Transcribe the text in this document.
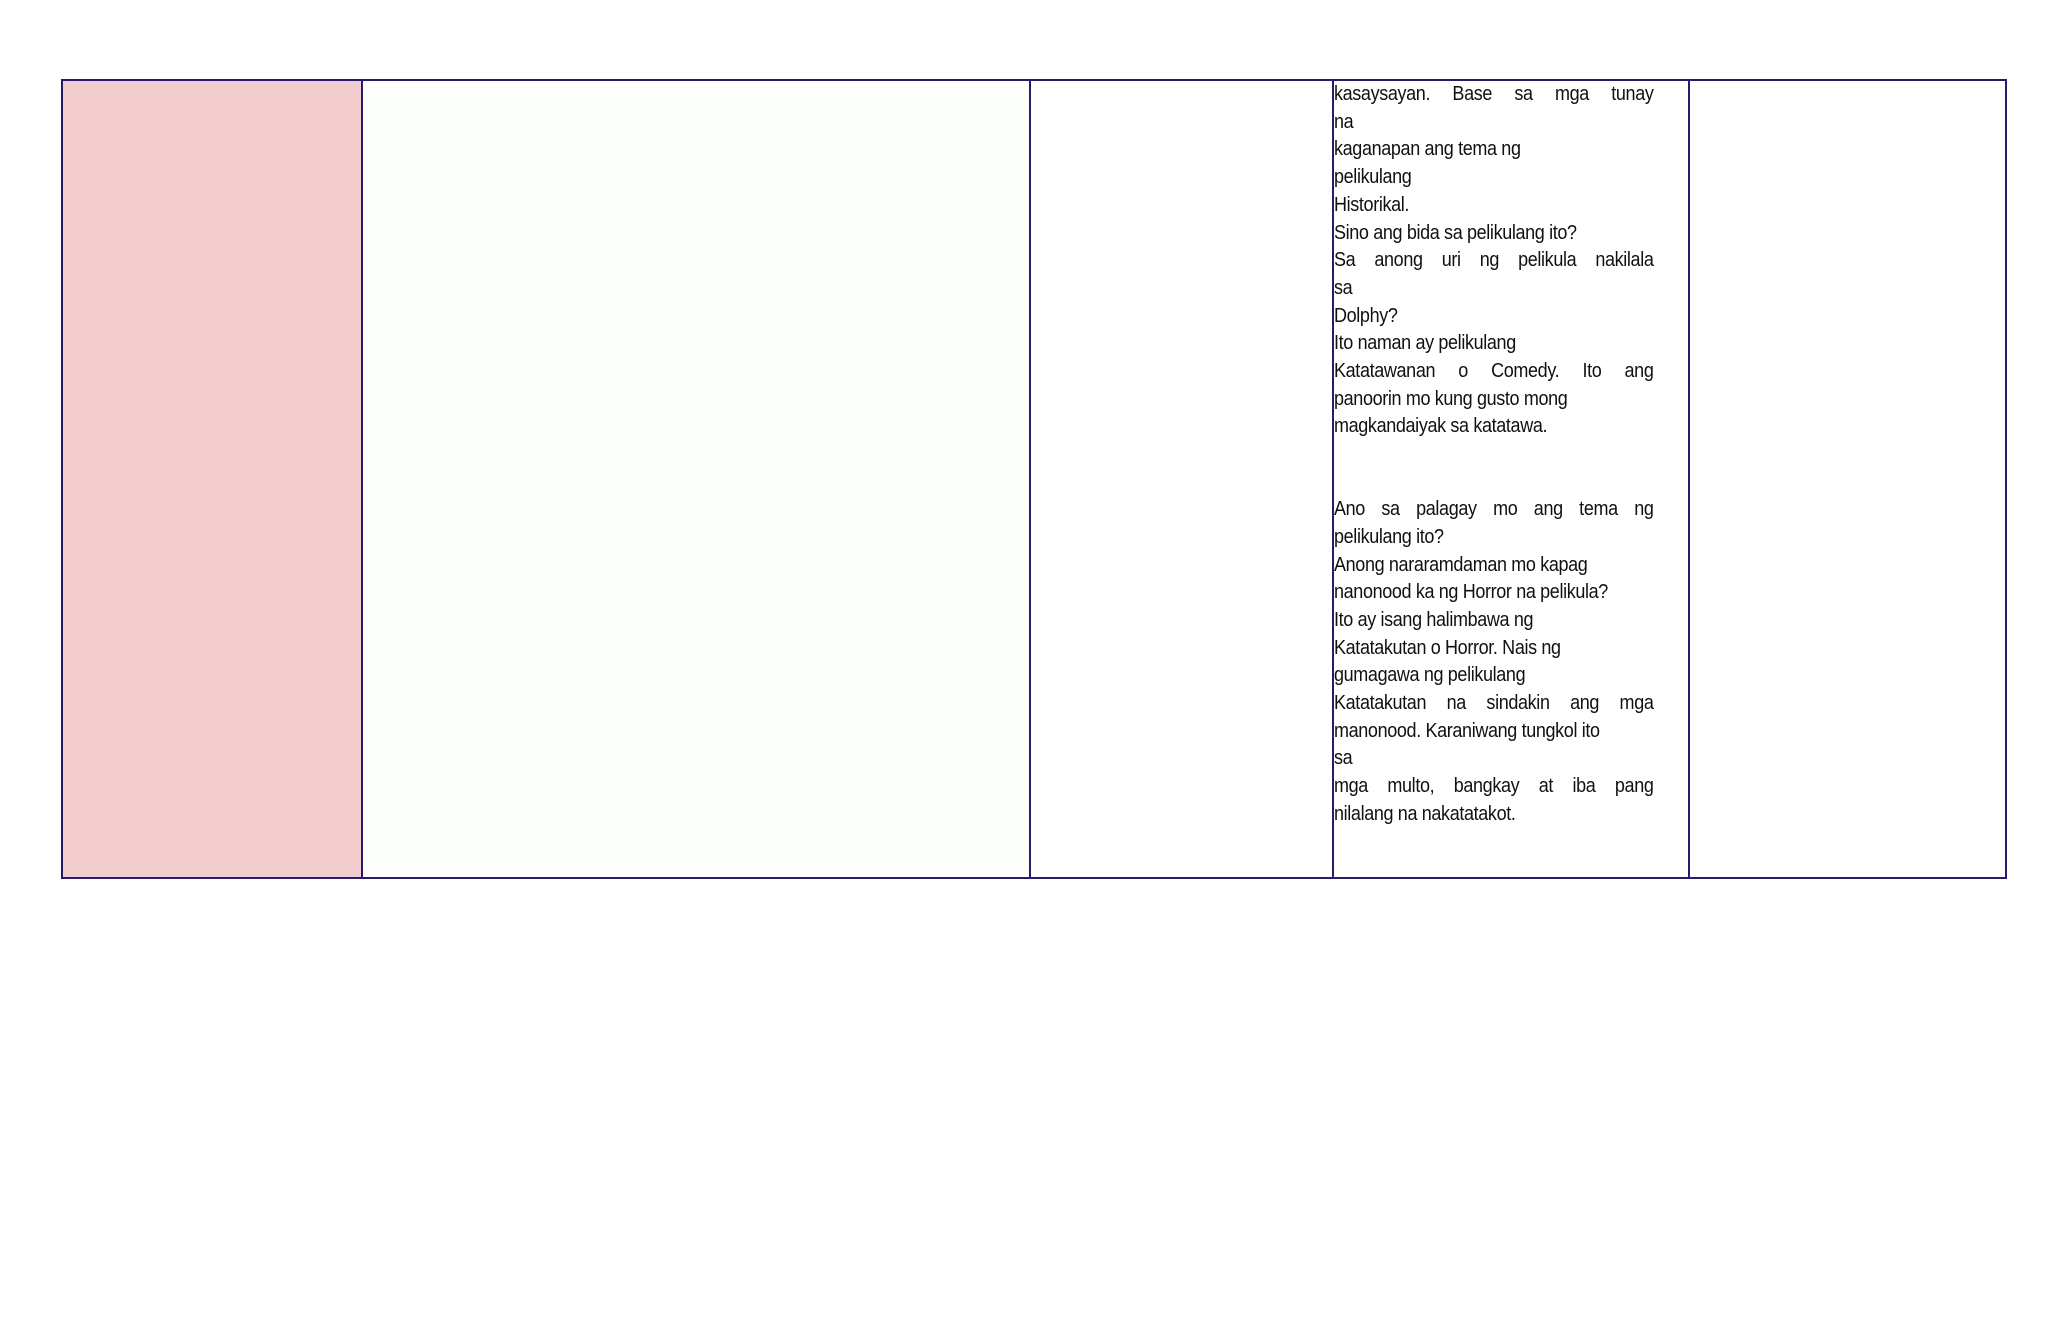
kasaysayan. Base sa mga tunay
na
kaganapan ang tema ng
pelikulang
Historikal.
Sino ang bida sa pelikulang ito?
Sa anong uri ng pelikula nakilala
sa
Dolphy?
Ito naman ay pelikulang
Katatawanan o Comedy. Ito ang
panoorin mo kung gusto mong
magkandaiyak sa katatawa.
Ano sa palagay mo ang tema ng
pelikulang ito?
Anong nararamdaman mo kapag
nanonood ka ng Horror na pelikula?
Ito ay isang halimbawa ng
Katatakutan o Horror. Nais ng
gumagawa ng pelikulang
Katatakutan na sindakin ang mga
manonood. Karaniwang tungkol ito
sa
mga multo, bangkay at iba pang
nilalang na nakatatakot.
